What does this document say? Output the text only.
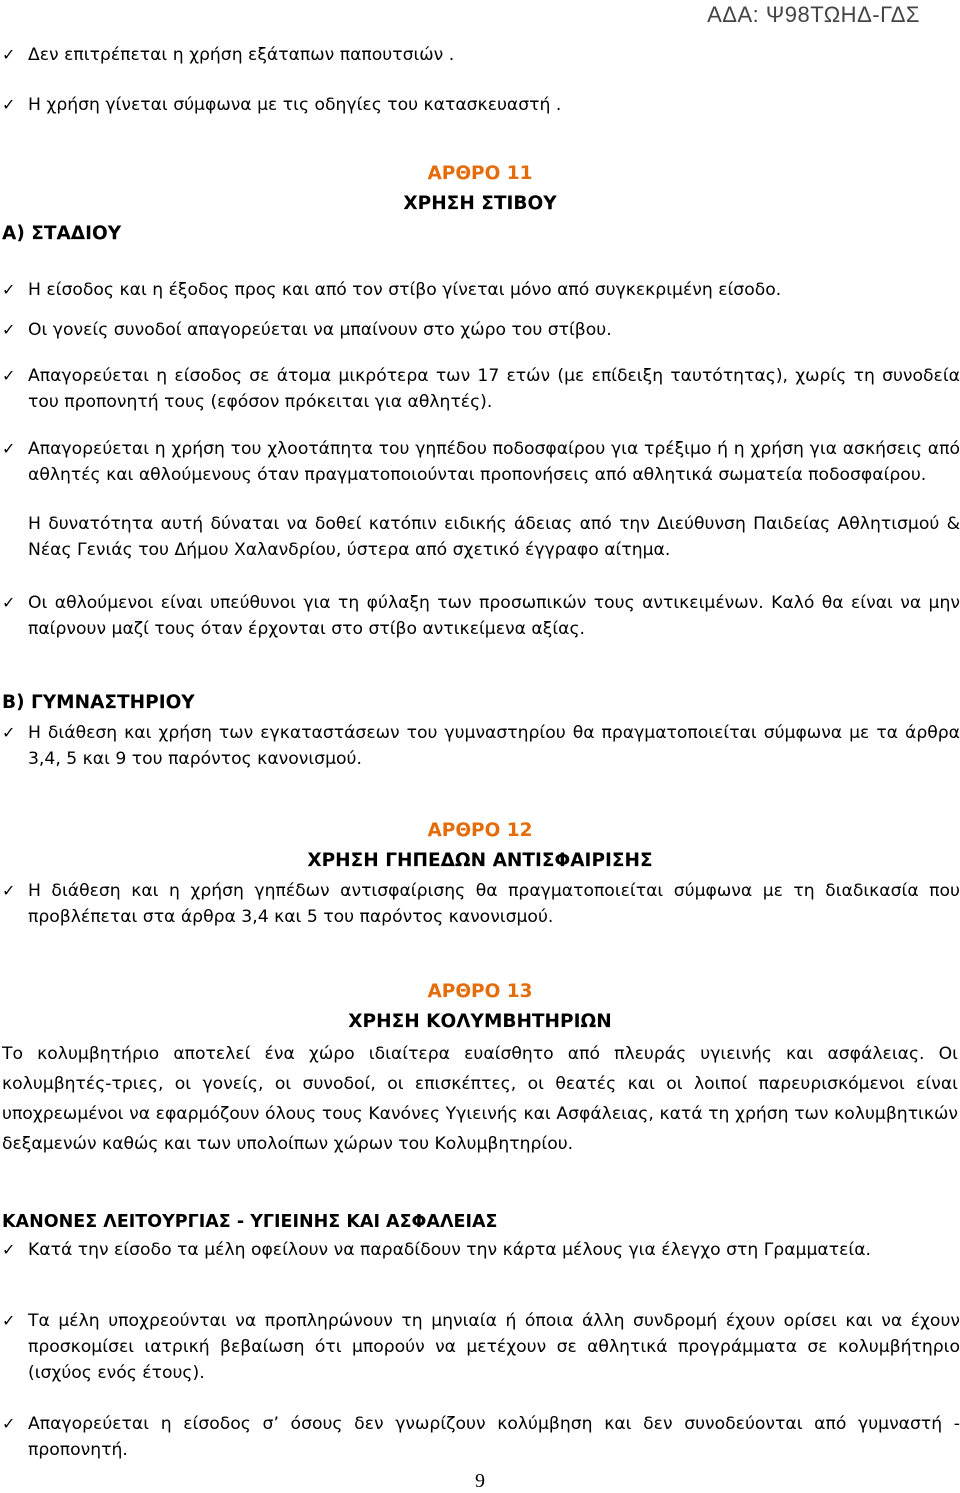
ΑΔΑ: Ψ98ΤΩΗΔ-ΓΔΣ
✓ Δεν επιτρέπεται η χρήση εξάταπων παπουτσιών .
✓ Η χρήση γίνεται σύμφωνα με τις οδηγίες του κατασκευαστή .
ΑΡΘΡΟ 11
ΧΡΗΣΗ ΣΤΙΒΟΥ
Α) ΣΤΑΔΙΟΥ
✓ Η είσοδος και η έξοδος προς και από τον στίβο γίνεται μόνο από συγκεκριμένη είσοδο.
✓ Οι γονείς συνοδοί απαγορεύεται να μπαίνουν στο χώρο του στίβου.
✓ Απαγορεύεται η είσοδος σε άτομα μικρότερα των 17 ετών (με επίδειξη ταυτότητας), χωρίς τη συνοδεία του προπονητή τους (εφόσον πρόκειται για αθλητές).
✓ Απαγορεύεται η χρήση του χλοοτάπητα του γηπέδου ποδοσφαίρου για τρέξιμο ή η χρήση για ασκήσεις από αθλητές και αθλούμενους όταν πραγματοποιούνται προπονήσεις από αθλητικά σωματεία ποδοσφαίρου.
Η δυνατότητα αυτή δύναται να δοθεί κατόπιν ειδικής άδειας από την Διεύθυνση Παιδείας Αθλητισμού & Νέας Γενιάς του Δήμου Χαλανδρίου, ύστερα από σχετικό έγγραφο αίτημα.
✓ Οι αθλούμενοι είναι υπεύθυνοι για τη φύλαξη των προσωπικών τους αντικειμένων. Καλό θα είναι να μην παίρνουν μαζί τους όταν έρχονται στο στίβο αντικείμενα αξίας.
Β) ΓΥΜΝΑΣΤΗΡΙΟΥ
✓ Η διάθεση και χρήση των εγκαταστάσεων του γυμναστηρίου θα πραγματοποιείται σύμφωνα με τα άρθρα 3,4, 5 και 9 του παρόντος κανονισμού.
ΑΡΘΡΟ 12
ΧΡΗΣΗ ΓΗΠΕΔΩΝ ΑΝΤΙΣΦΑΙΡΙΣΗΣ
✓ Η διάθεση και η χρήση γηπέδων αντισφαίρισης θα πραγματοποιείται σύμφωνα με τη διαδικασία που προβλέπεται στα άρθρα 3,4 και 5 του παρόντος κανονισμού.
ΑΡΘΡΟ 13
ΧΡΗΣΗ ΚΟΛΥΜΒΗΤΗΡΙΩΝ
Το κολυμβητήριο αποτελεί ένα χώρο ιδιαίτερα ευαίσθητο από πλευράς υγιεινής και ασφάλειας. Οι κολυμβητές-τριες, οι γονείς, οι συνοδοί, οι επισκέπτες, οι θεατές και οι λοιποί παρευρισκόμενοι είναι υποχρεωμένοι να εφαρμόζουν όλους τους Κανόνες Υγιεινής και Ασφάλειας, κατά τη χρήση των κολυμβητικών δεξαμενών καθώς και των υπολοίπων χώρων του Κολυμβητηρίου.
ΚΑΝΟΝΕΣ ΛΕΙΤΟΥΡΓΙΑΣ - ΥΓΙΕΙΝΗΣ ΚΑΙ ΑΣΦΑΛΕΙΑΣ
✓ Κατά την είσοδο τα μέλη οφείλουν να παραδίδουν την κάρτα μέλους για έλεγχο στη Γραμματεία.
✓ Τα μέλη υποχρεούνται να προπληρώνουν τη μηνιαία ή όποια άλλη συνδρομή έχουν ορίσει και να έχουν προσκομίσει ιατρική βεβαίωση ότι μπορούν να μετέχουν σε αθλητικά προγράμματα σε κολυμβήτηριο (ισχύος ενός έτους).
✓ Απαγορεύεται η είσοδος σ’ όσους δεν γνωρίζουν κολύμβηση και δεν συνοδεύονται από γυμναστή - προπονητή.
9
